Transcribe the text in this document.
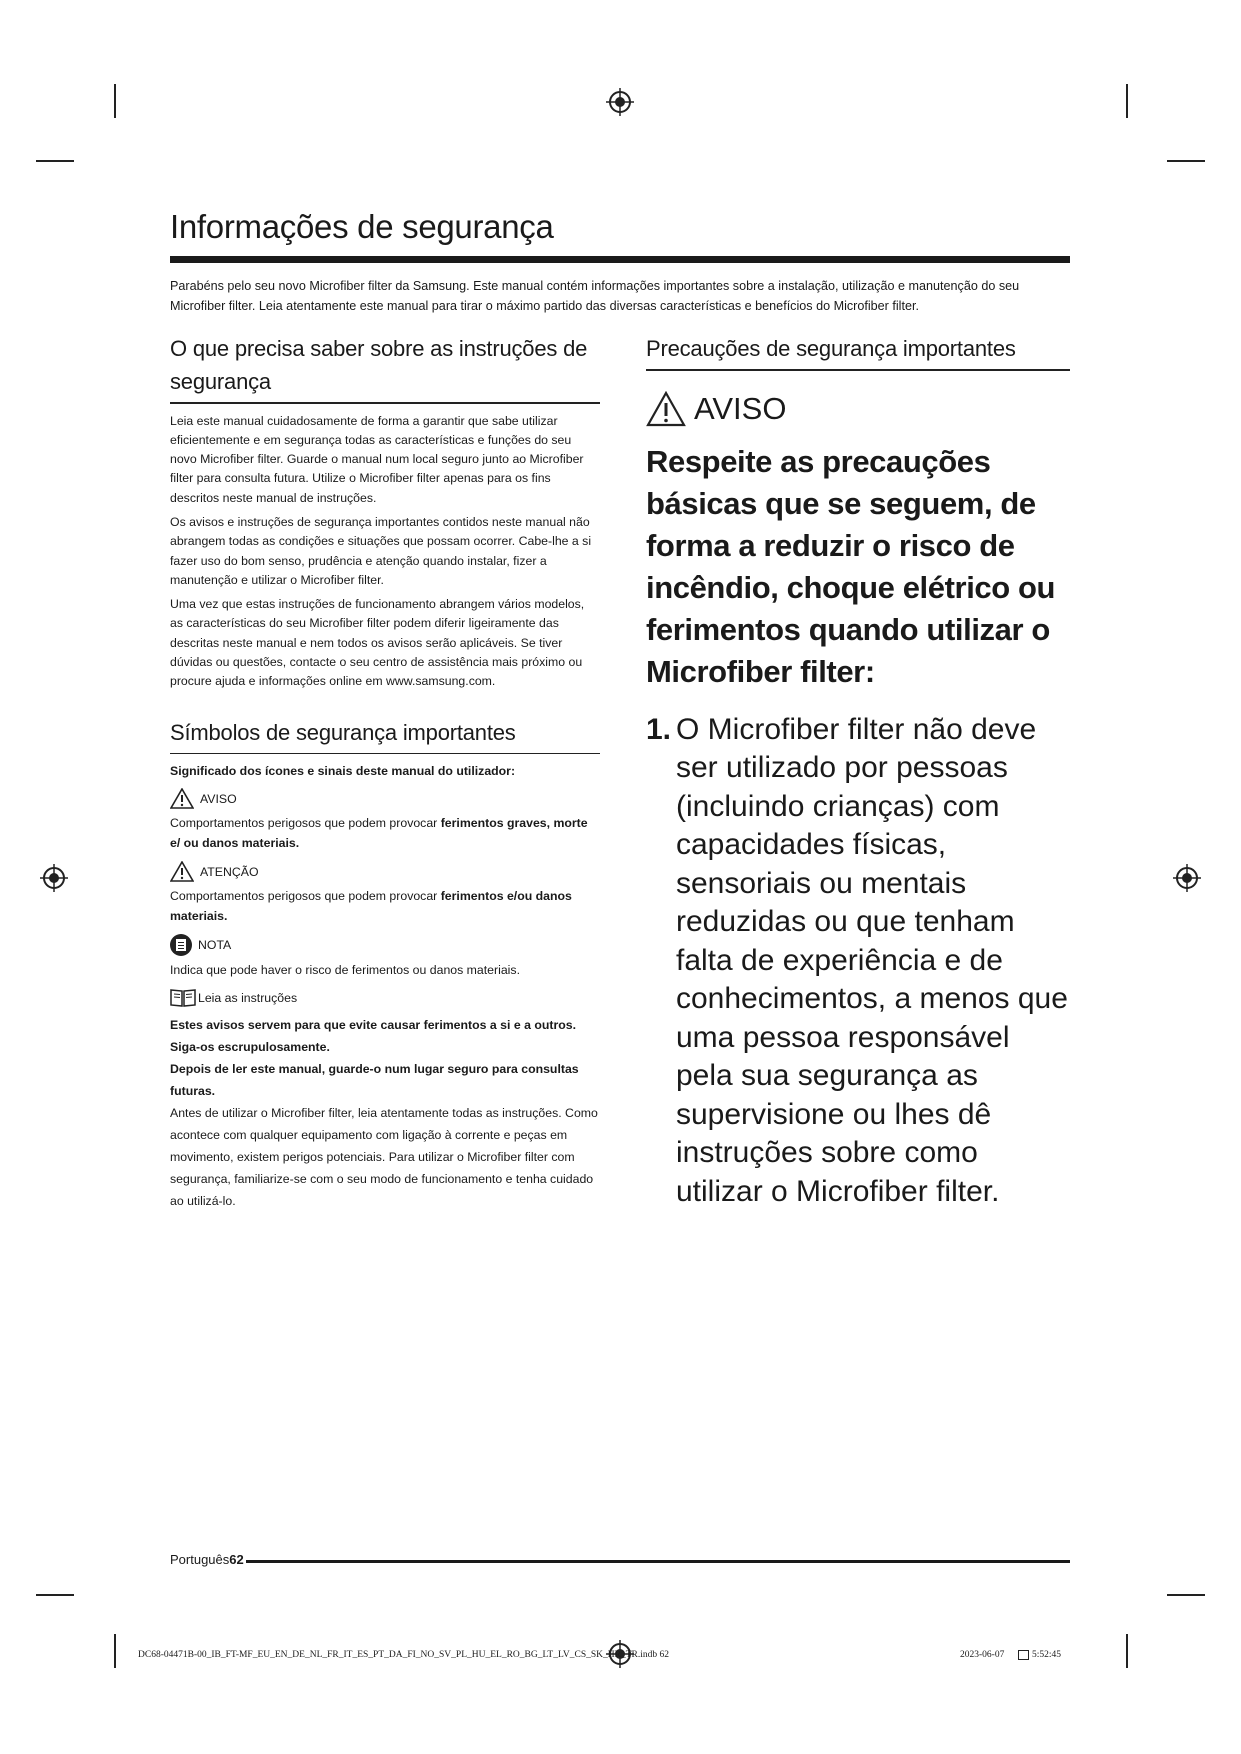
Informações de segurança

Parabéns pelo seu novo Microfiber filter da Samsung. Este manual contém informações importantes sobre a instalação, utilização e manutenção do seu Microfiber filter. Leia atentamente este manual para tirar o máximo partido das diversas características e benefícios do Microfiber filter.

O que precisa saber sobre as instruções de segurança

Leia este manual cuidadosamente de forma a garantir que sabe utilizar eficientemente e em segurança todas as características e funções do seu novo Microfiber filter. Guarde o manual num local seguro junto ao Microfiber filter para consulta futura. Utilize o Microfiber filter apenas para os fins descritos neste manual de instruções.

Os avisos e instruções de segurança importantes contidos neste manual não abrangem todas as condições e situações que possam ocorrer. Cabe-lhe a si fazer uso do bom senso, prudência e atenção quando instalar, fizer a manutenção e utilizar o Microfiber filter.

Uma vez que estas instruções de funcionamento abrangem vários modelos, as características do seu Microfiber filter podem diferir ligeiramente das descritas neste manual e nem todos os avisos serão aplicáveis. Se tiver dúvidas ou questões, contacte o seu centro de assistência mais próximo ou procure ajuda e informações online em www.samsung.com.

Símbolos de segurança importantes
Significado dos ícones e sinais deste manual do utilizador:
AVISO

Comportamentos perigosos que podem provocar ferimentos graves, morte e/ ou danos materiais.

ATENÇÃO

Comportamentos perigosos que podem provocar ferimentos e/ou danos materiais.

NOTA

Indica que pode haver o risco de ferimentos ou danos materiais.

Leia as instruções

Estes avisos servem para que evite causar ferimentos a si e a outros.

Siga-os escrupulosamente.

Depois de ler este manual, guarde-o num lugar seguro para consultas futuras.

Antes de utilizar o Microfiber filter, leia atentamente todas as instruções. Como acontece com qualquer equipamento com ligação à corrente e peças em movimento, existem perigos potenciais. Para utilizar o Microfiber filter com segurança, familiarize-se com o seu modo de funcionamento e tenha cuidado ao utilizá-lo.

Precauções de segurança importantes
AVISO

Respeite as precauções básicas que se seguem, de forma a reduzir o risco de incêndio, choque elétrico ou ferimentos quando utilizar o Microfiber filter:

1. O Microfiber filter não deve ser utilizado por pessoas (incluindo crianças) com capacidades físicas, sensoriais ou mentais reduzidas ou que tenham falta de experiência e de conhecimentos, a menos que uma pessoa responsável pela sua segurança as supervisione ou lhes dê instruções sobre como utilizar o Microfiber filter.
Português62
DC68-04471B-00_IB_FT-MF_EU_EN_DE_NL_FR_IT_ES_PT_DA_FI_NO_SV_PL_HU_EL_RO_BG_LT_LV_CS_SK_HR_TR.indb 62	2023-06-07	5:52:45
